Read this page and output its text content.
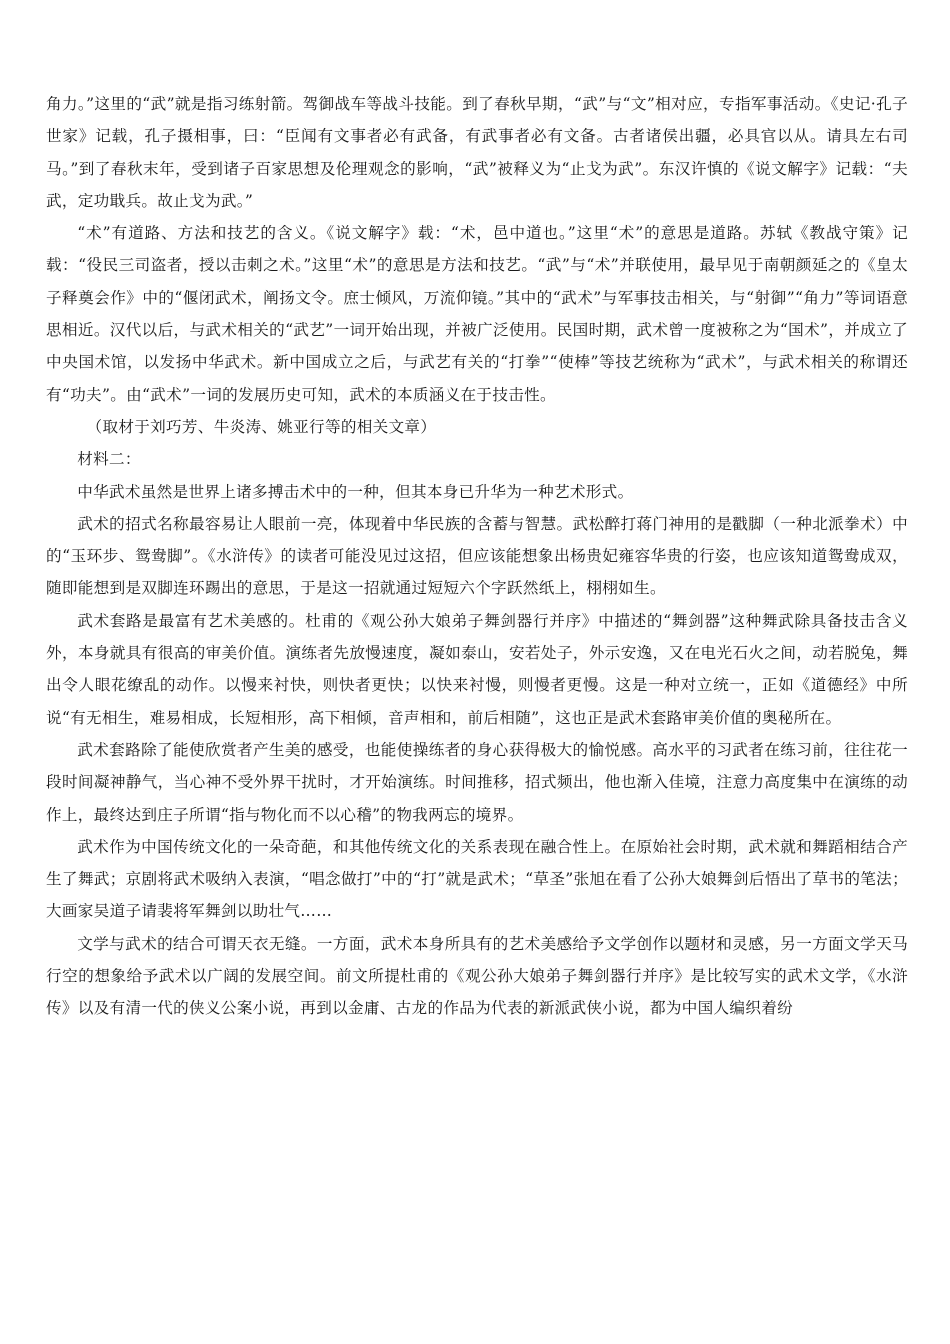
角力。”这里的“武”就是指习练射箭。驾御战车等战斗技能。到了春秋早期，“武”与“文”相对应，专指军事活动。《史记·孔子世家》记载，孔子摄相事，曰：“臣闻有文事者必有武备，有武事者必有文备。古者诸侯出疆，必具官以从。请具左右司马。”到了春秋末年，受到诸子百家思想及伦理观念的影响，“武”被释义为“止戈为武”。东汉许慎的《说文解字》记载：“夫武，定功戢兵。故止戈为武。”

“术”有道路、方法和技艺的含义。《说文解字》载：“术，邑中道也。”这里“术”的意思是道路。苏轼《教战守策》记载：“役民三司盗者，授以击刺之术。”这里“术”的意思是方法和技艺。“武”与“术”并联使用，最早见于南朝颜延之的《皇太子释奠会作》中的“偃闭武术，阐扬文令。庶士倾风，万流仰镜。”其中的“武术”与军事技击相关，与“射御”“角力”等词语意思相近。汉代以后，与武术相关的“武艺”一词开始出现，并被广泛使用。民国时期，武术曾一度被称之为“国术”，并成立了中央国术馆，以发扬中华武术。新中国成立之后，与武艺有关的“打拳”“使棒”等技艺统称为“武术”，与武术相关的称谓还有“功夫”。由“武术”一词的发展历史可知，武术的本质涵义在于技击性。

（取材于刘巧芳、牛炎涛、姚亚行等的相关文章）

材料二：

中华武术虽然是世界上诸多搏击术中的一种，但其本身已升华为一种艺术形式。

武术的招式名称最容易让人眼前一亮，体现着中华民族的含蓄与智慧。武松醉打蒋门神用的是戳脚（一种北派拳术）中的“玉环步、鸳鸯脚”。《水浒传》的读者可能没见过这招，但应该能想象出杨贵妃雍容华贵的行姿，也应该知道鸳鸯成双，随即能想到是双脚连环踢出的意思，于是这一招就通过短短六个字跃然纸上，栩栩如生。

武术套路是最富有艺术美感的。杜甫的《观公孙大娘弟子舞剑器行并序》中描述的“舞剑器”这种舞武除具备技击含义外，本身就具有很高的审美价值。演练者先放慢速度，凝如泰山，安若处子，外示安逸，又在电光石火之间，动若脱兔，舞出令人眼花缭乱的动作。以慢来衬快，则快者更快；以快来衬慢，则慢者更慢。这是一种对立统一，正如《道德经》中所说“有无相生，难易相成，长短相形，高下相倾，音声相和，前后相随”，这也正是武术套路审美价值的奥秘所在。

武术套路除了能使欣赏者产生美的感受，也能使操练者的身心获得极大的愉悦感。高水平的习武者在练习前，往往花一段时间凝神静气，当心神不受外界干扰时，才开始演练。时间推移，招式频出，他也渐入佳境，注意力高度集中在演练的动作上，最终达到庄子所谓“指与物化而不以心稽”的物我两忘的境界。

武术作为中国传统文化的一朵奇葩，和其他传统文化的关系表现在融合性上。在原始社会时期，武术就和舞蹈相结合产生了舞武；京剧将武术吸纳入表演，“唱念做打”中的“打”就是武术；“草圣”张旭在看了公孙大娘舞剑后悟出了草书的笔法；大画家吴道子请裴将军舞剑以助壮气……

文学与武术的结合可谓天衣无缝。一方面，武术本身所具有的艺术美感给予文学创作以题材和灵感，另一方面文学天马行空的想象给予武术以广阔的发展空间。前文所提杜甫的《观公孙大娘弟子舞剑器行并序》是比较写实的武术文学，《水浒传》以及有清一代的侠义公案小说，再到以金庸、古龙的作品为代表的新派武侠小说，都为中国人编织着纷
